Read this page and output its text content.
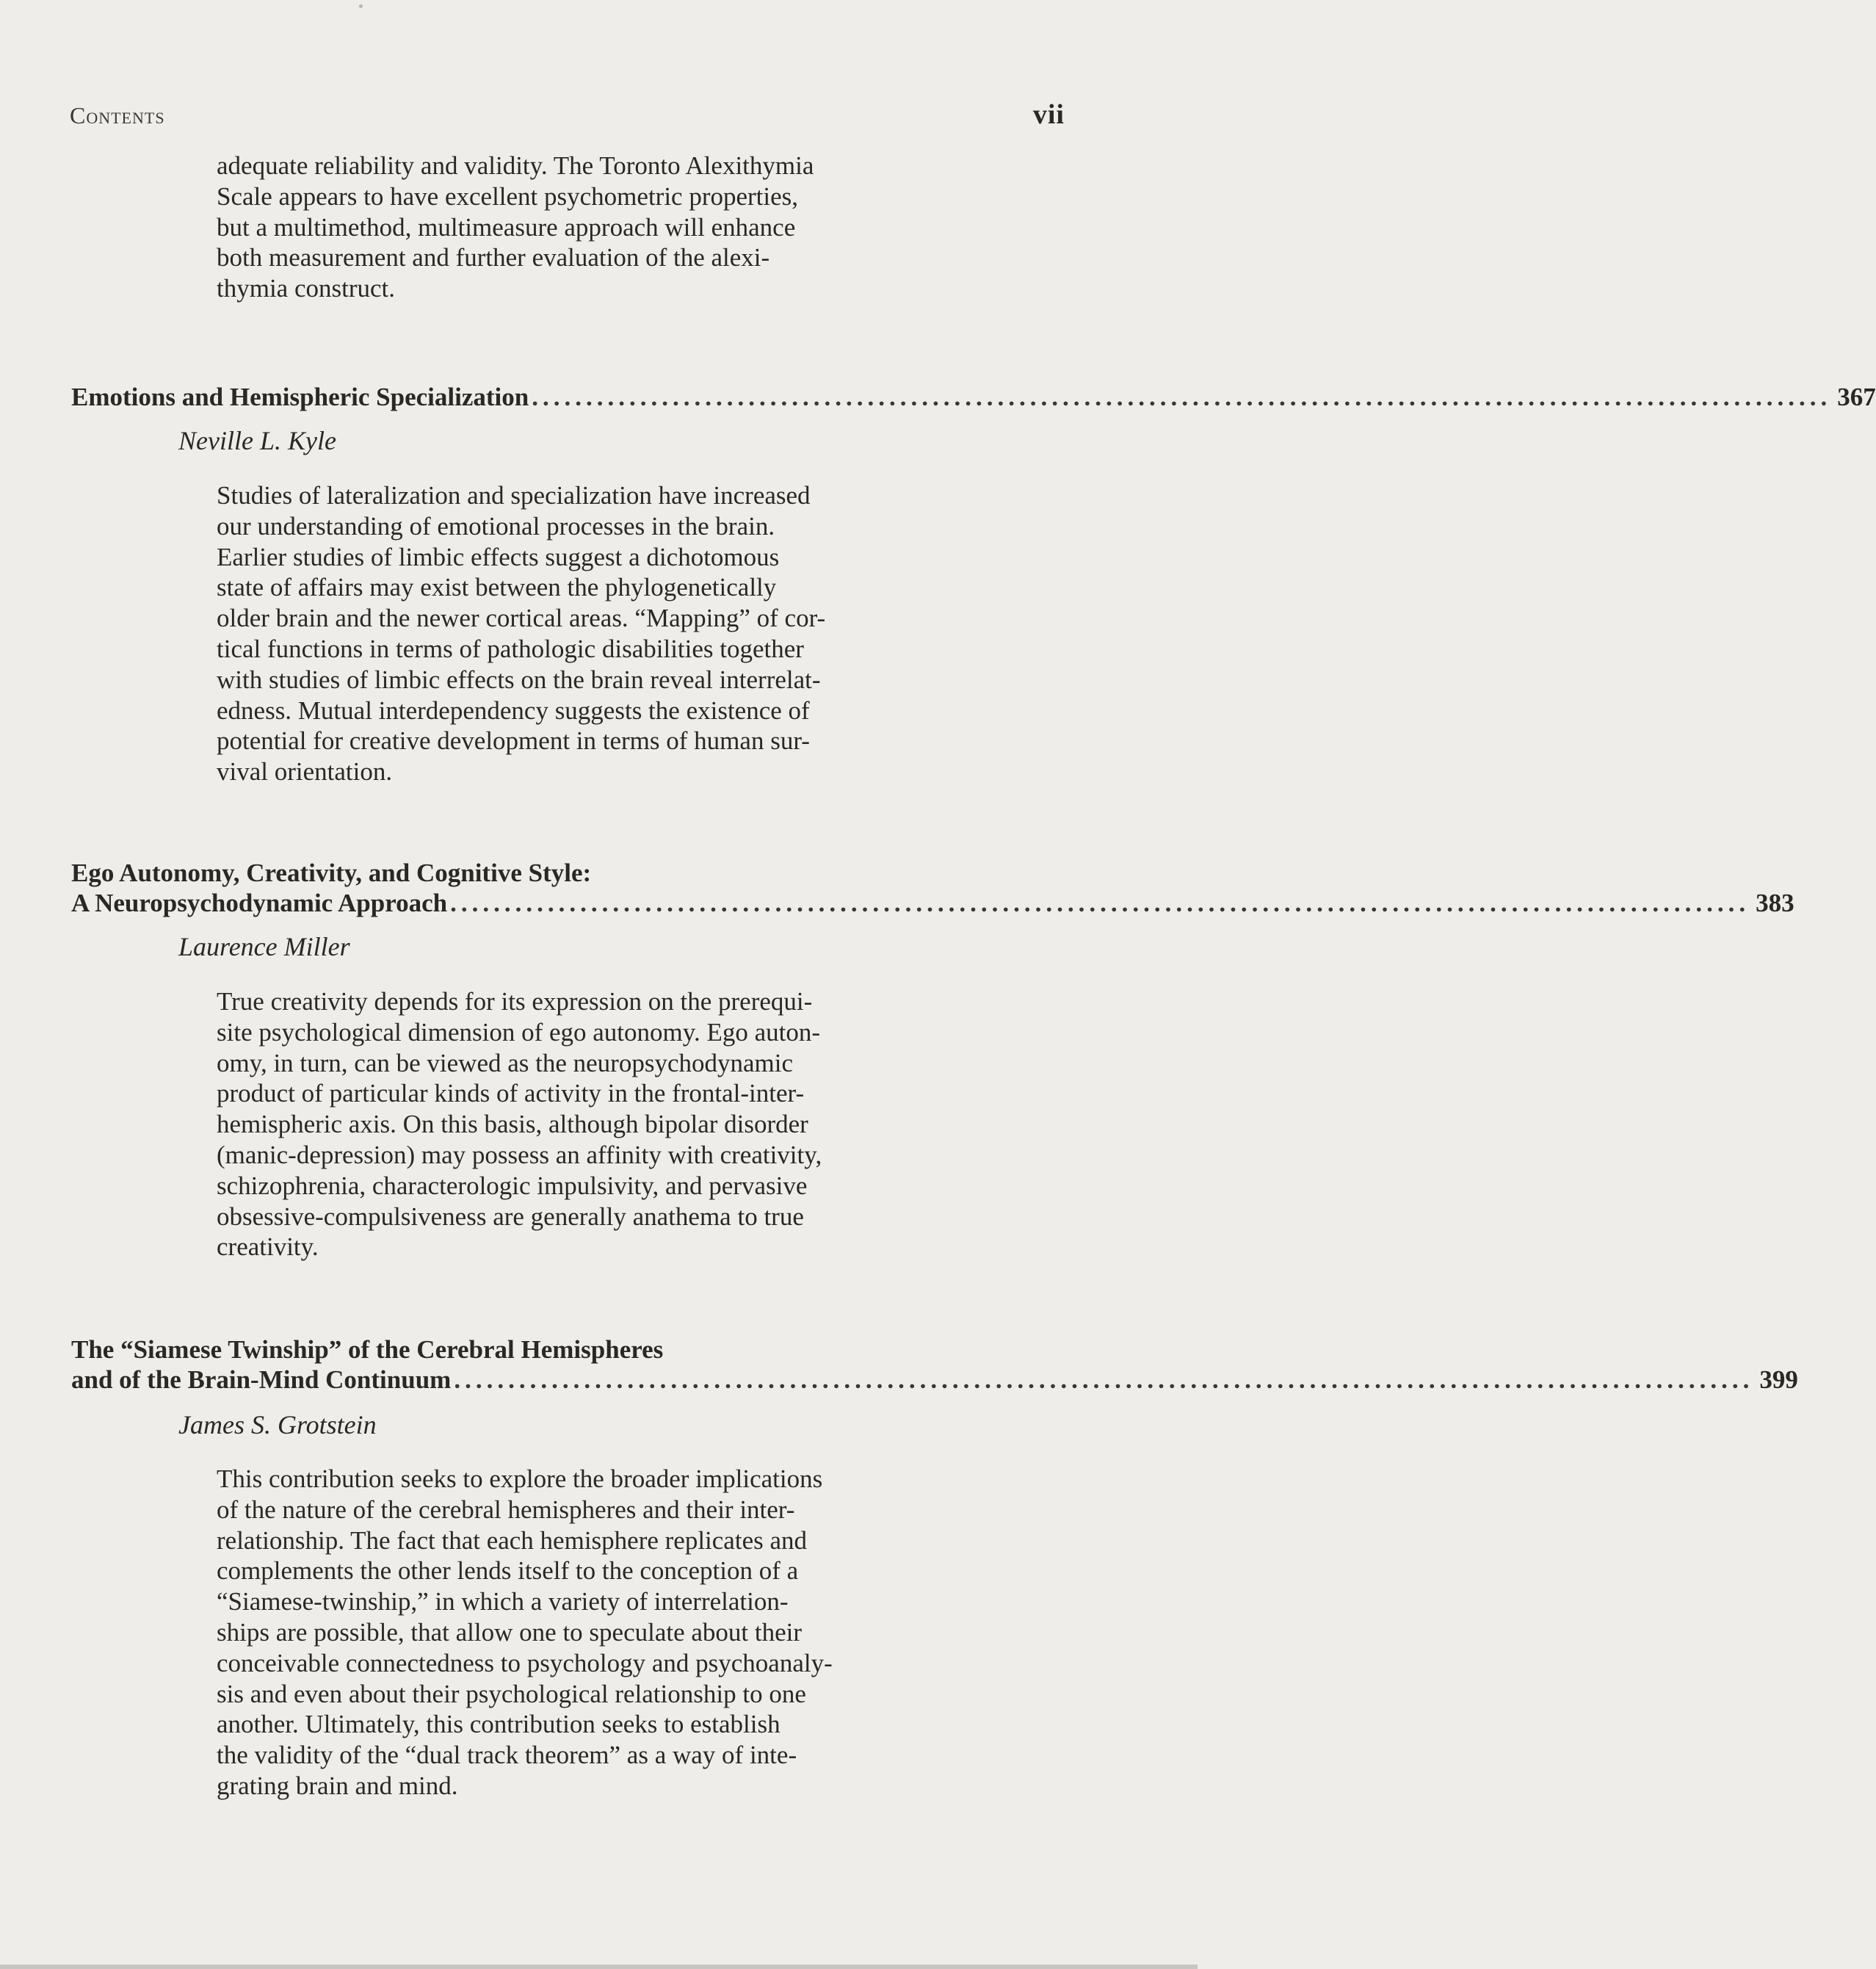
Contents	vii
adequate reliability and validity. The Toronto Alexithymia
Scale appears to have excellent psychometric properties,
but a multimethod, multimeasure approach will enhance
both measurement and further evaluation of the alexi-
thymia construct.
Emotions and Hemispheric Specialization ........................................................................................................................ 367
Neville L. Kyle
Studies of lateralization and specialization have increased
our understanding of emotional processes in the brain.
Earlier studies of limbic effects suggest a dichotomous
state of affairs may exist between the phylogenetically
older brain and the newer cortical areas. “Mapping” of cor-
tical functions in terms of pathologic disabilities together
with studies of limbic effects on the brain reveal interrelat-
edness. Mutual interdependency suggests the existence of
potential for creative development in terms of human sur-
vival orientation.
Ego Autonomy, Creativity, and Cognitive Style:
A Neuropsychodynamic Approach ........................................................................................................................ 383
Laurence Miller
True creativity depends for its expression on the prerequi-
site psychological dimension of ego autonomy. Ego auton-
omy, in turn, can be viewed as the neuropsychodynamic
product of particular kinds of activity in the frontal-inter-
hemispheric axis. On this basis, although bipolar disorder
(manic-depression) may possess an affinity with creativity,
schizophrenia, characterologic impulsivity, and pervasive
obsessive-compulsiveness are generally anathema to true
creativity.
The “Siamese Twinship” of the Cerebral Hemispheres
and of the Brain-Mind Continuum ........................................................................................................................ 399
James S. Grotstein
This contribution seeks to explore the broader implications
of the nature of the cerebral hemispheres and their inter-
relationship. The fact that each hemisphere replicates and
complements the other lends itself to the conception of a
“Siamese-twinship,” in which a variety of interrelation-
ships are possible, that allow one to speculate about their
conceivable connectedness to psychology and psychoanaly-
sis and even about their psychological relationship to one
another. Ultimately, this contribution seeks to establish
the validity of the “dual track theorem” as a way of inte-
grating brain and mind.
